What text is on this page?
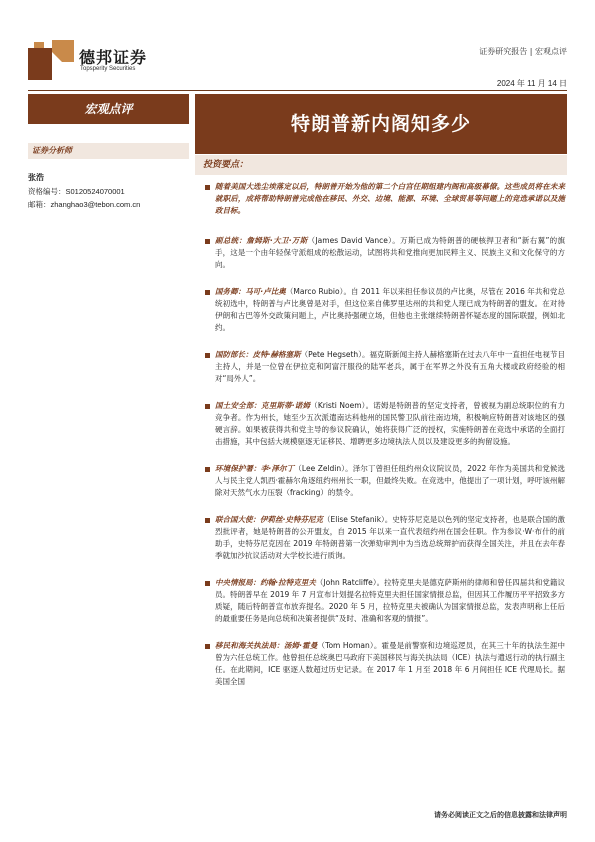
德邦证券
Topsperity Securities
证券研究报告 | 宏观点评
2024 年 11 月 14 日
宏观点评
证券分析师
张浩
资格编号：S0120524070001
邮箱：zhanghao3@tebon.com.cn
特朗普新内阁知多少
投资要点：
随着美国大选尘埃落定以后，特朗普开始为他的第二个白宫任期组建内阁和高级幕僚。这些成员将在未来就职后，成将帮助特朗普完成他在移民、外交、边境、能源、环境、全球贸易等问题上的竞选承诺以及施政目标。
副总统：詹姆斯·大卫·万斯（James David Vance）。万斯已成为特朗普的硬核捍卫者和“新右翼”的旗手，这是一个由年轻保守派组成的松散运动，试图将共和党推向更加民粹主义、民族主义和文化保守的方向。
国务卿：马可·卢比奥（Marco Rubio）。自 2011 年以来担任参议员的卢比奥，尽管在 2016 年共和党总统初选中，特朗普与卢比奥曾是对手，但这位来自佛罗里达州的共和党人现已成为特朗普的盟友。在对待伊朗和古巴等外交政策问题上，卢比奥持强硬立场，但他也主张继续特朗普怀疑态度的国际联盟，例如北约。
国防部长：皮特·赫格塞斯（Pete Hegseth）。福克斯新闻主持人赫格塞斯在过去八年中一直担任电视节目主持人，并是一位曾在伊拉克和阿富汗服役的陆军老兵，属于在军界之外没有五角大楼或政府经验的相对“局外人”。
国土安全部：克里斯蒂·诺姆（Kristi Noem）。诺姆是特朗普的坚定支持者，曾被视为副总统职位的有力竞争者。作为州长，她至少五次派遣南达科他州的国民警卫队前往南边境，积极响应特朗普对该地区的强硬言辞。如果被获得共和党主导的参议院确认，她将获得广泛的授权，实施特朗普在竞选中承诺的全面打击措施，其中包括大规模驱逐无证移民、增聘更多边境执法人员以及建设更多的拘留设施。
环境保护署：李·泽尔丁（Lee Zeldin）。泽尔丁曾担任纽约州众议院议员，2022 年作为美国共和党候选人与民主党人凯西·霍赫尔角逐纽约州州长一职，但最终失败。在竞选中，他提出了一项计划，呼吁该州解除对天然气水力压裂（fracking）的禁令。
联合国大使：伊莉丝·史特芬尼克（Elise Stefanik）。史特芬尼克是以色列的坚定支持者，也是联合国的激烈批评者，她是特朗普的公开盟友，自 2015 年以来一直代表纽约州在国会任职。作为参议·W·布什的前助手，史特芬尼克因在 2019 年特朗普第一次弹劾审判中为当选总统辩护而获得全国关注，并且在去年春季就加沙抗议活动对大学校长进行质询。
中央情报局：约翰·拉特克里夫（John Ratcliffe）。拉特克里夫是德克萨斯州的律师和曾任四届共和党籍议员。特朗普早在 2019 年 7 月宣布计划提名拉特克里夫担任国家情报总监，但因其工作履历平平招致多方质疑，随后特朗普宣布放弃提名。2020 年 5 月，拉特克里夫被确认为国家情报总监，发表声明称上任后的最重要任务是向总统和决策者提供“及时、准确和客观的情报”。
移民和海关执法局：汤姆·霍曼（Tom Homan）。霍曼是前警察和边境巡逻员，在其三十年的执法生涯中曾为六任总统工作。他曾担任总统奥巴马政府下美国移民与海关执法局（ICE）执法与遣返行动的执行副主任。在此期间，ICE 驱逐人数超过历史记录。在 2017 年 1 月至 2018 年 6 月间担任 ICE 代理局长。据美国全国
请务必阅读正文之后的信息披露和法律声明
